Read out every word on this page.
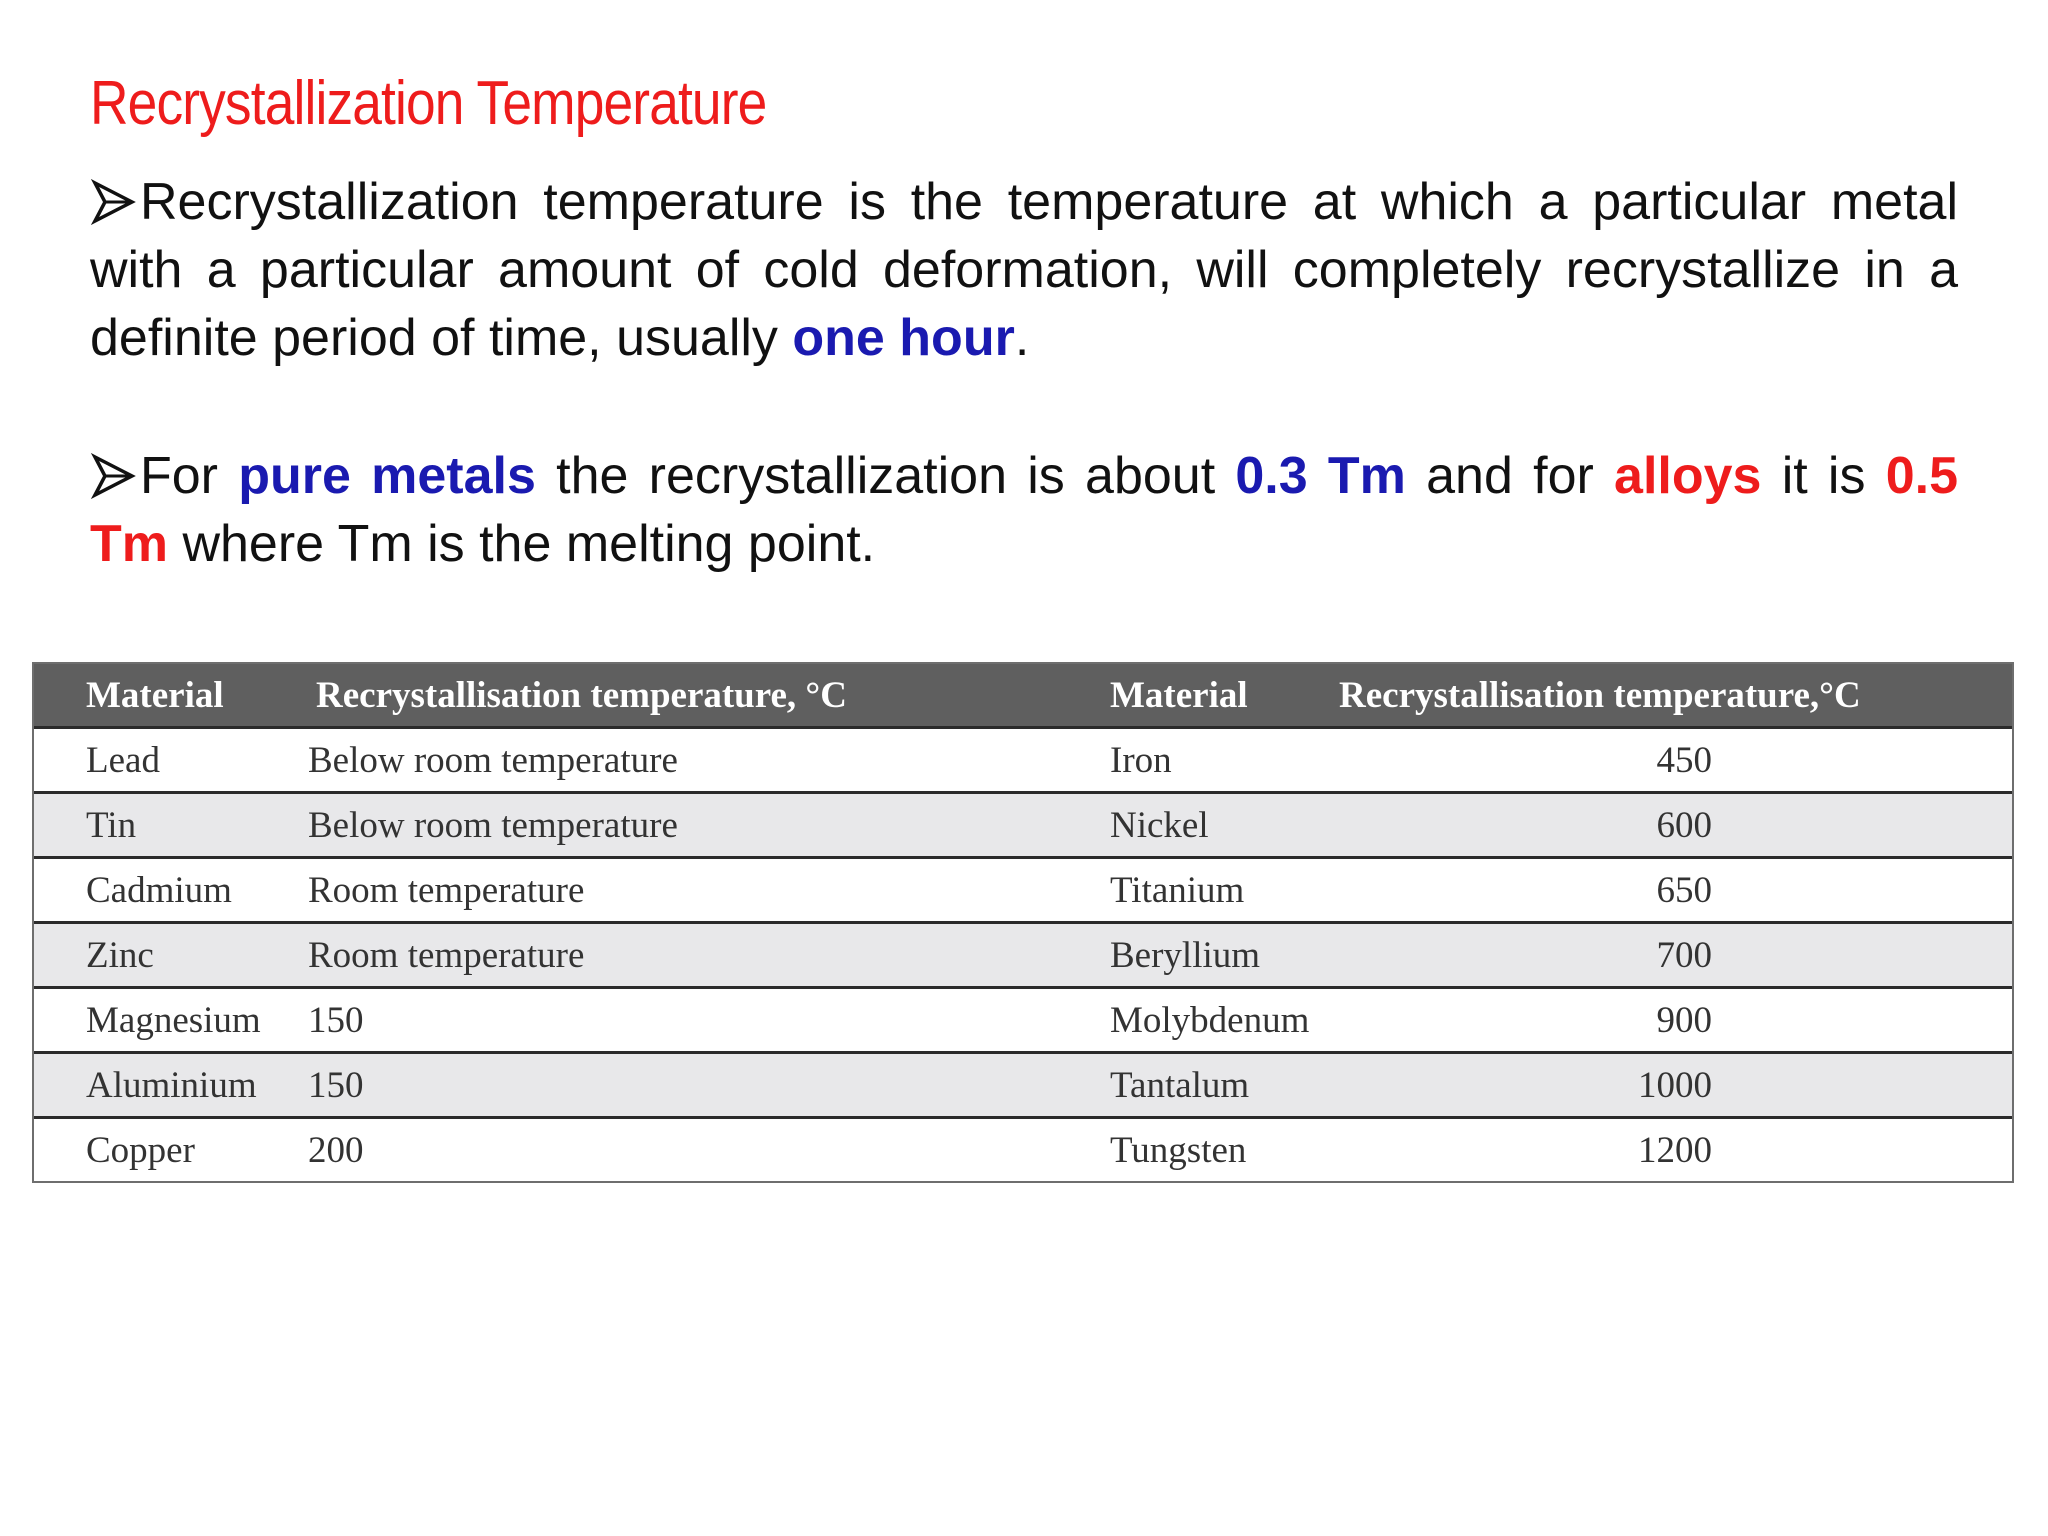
Recrystallization Temperature
Recrystallization temperature is the temperature at which a particular metal with a particular amount of cold deformation, will completely recrystallize in a definite period of time, usually one hour.
For pure metals the recrystallization is about 0.3 Tm and for alloys it is 0.5 Tm where Tm is the melting point.
Material	Recrystallisation temperature, °C	Material	Recrystallisation temperature,°C
Lead	Below room temperature	Iron	450
Tin	Below room temperature	Nickel	600
Cadmium	Room temperature	Titanium	650
Zinc	Room temperature	Beryllium	700
Magnesium	150	Molybdenum	900
Aluminium	150	Tantalum	1000
Copper	200	Tungsten	1200
